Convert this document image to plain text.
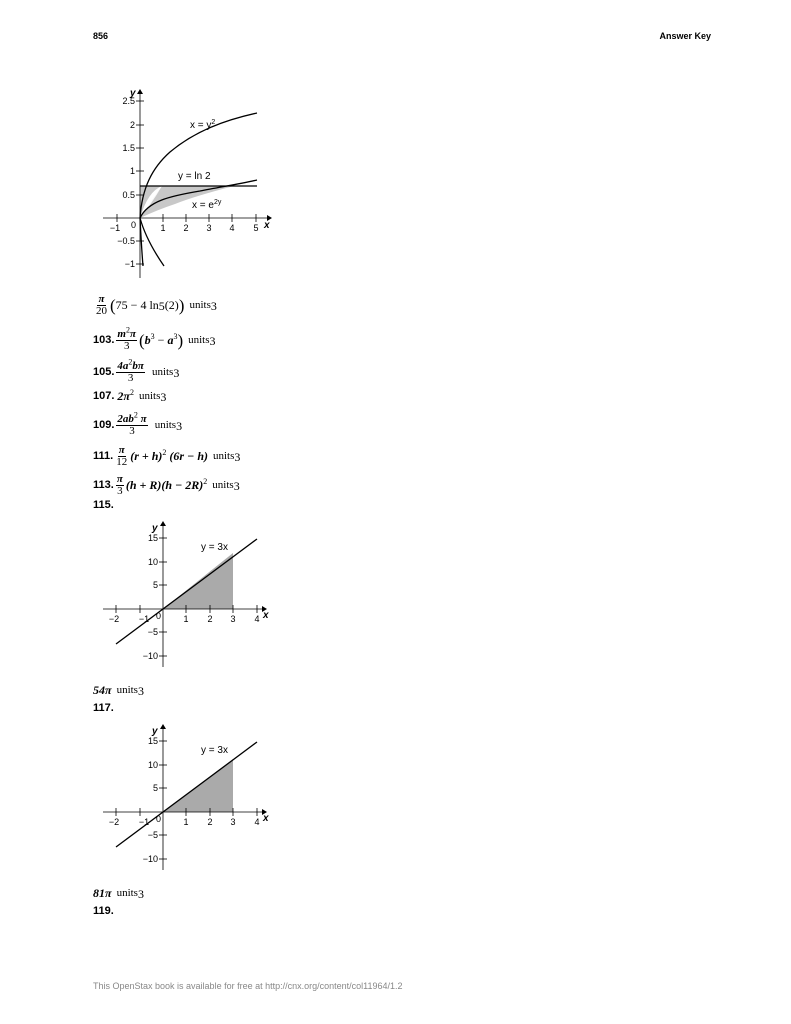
856	Answer Key
y
x
0
2.5
2
1.5
1
0.5
−0.5
−1
−1	1 2 3 4 5
$x = y^2$
y = ln 2
$x = e^{2y}$
$\frac{\pi}{20}$ ( 75 − 4 ln 5 (2) ) units 3
103. $\frac{m^2\pi}{3}$ ( $b^3 - a^3$ ) units 3
105. $\frac{4a^2b\pi}{3}$ units 3
107. $2\pi^2$ units 3
109. $\frac{2ab^2 \pi}{3}$ units 3
111. $\frac{\pi}{12} (r + h)^2$ (6r − h) units 3
113. $\frac{\pi}{3} (h + R)(h - 2R)^2$ units 3
115.
y
x
0
15
10
5
−5
−10
−2 −1	1 2 3 4
y = 3x
54π units 3
117.
y
x
0
15
10
5
−5
−10
−2 −1	1 2 3 4
y = 3x
81π units 3
119.
This OpenStax book is available for free at http://cnx.org/content/col11964/1.2
